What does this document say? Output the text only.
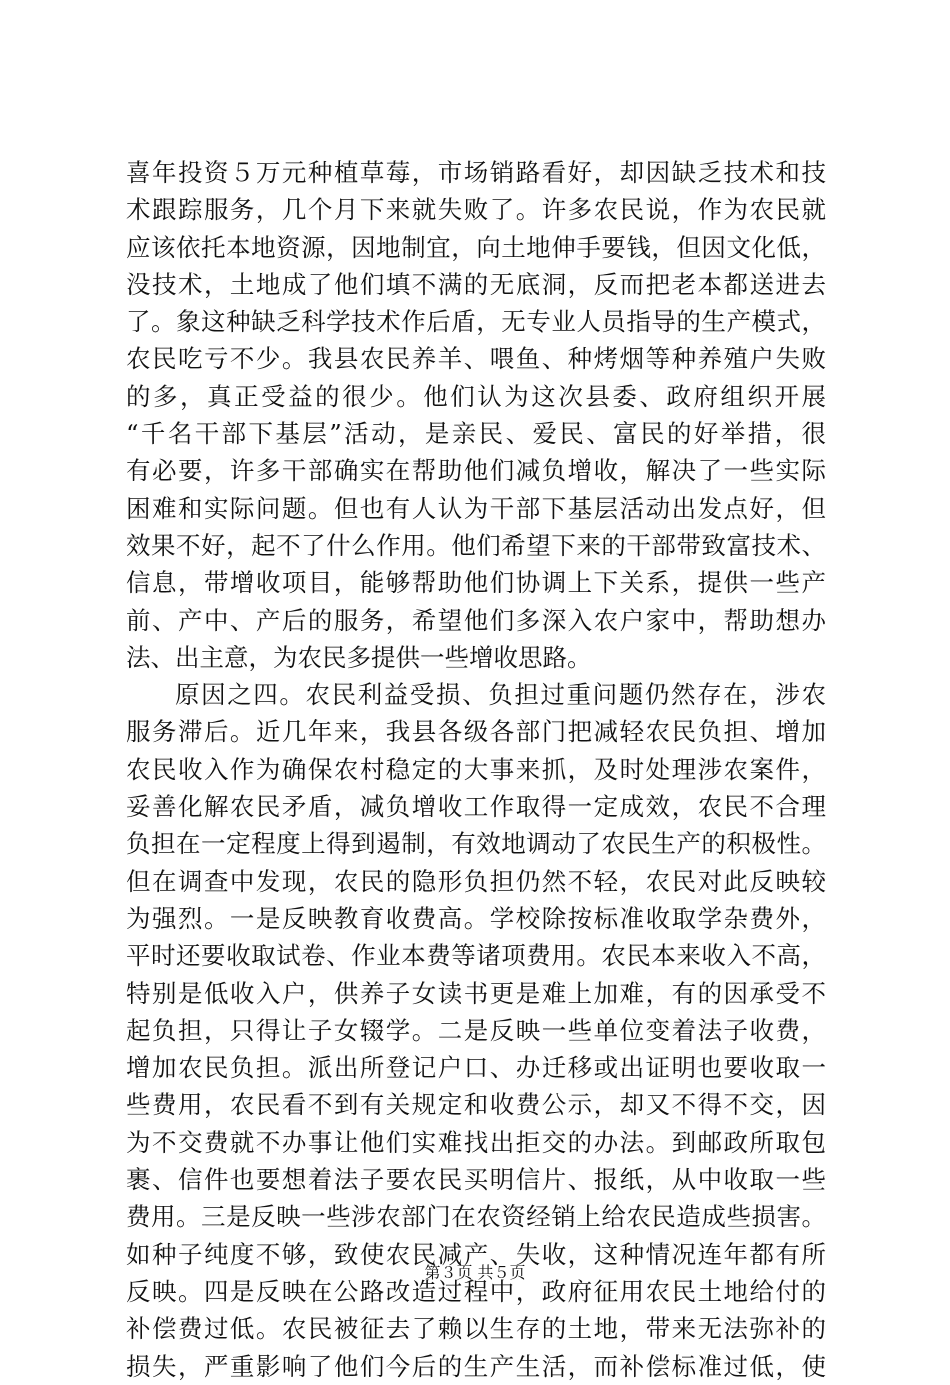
喜年投资５万元种植草莓，市场销路看好，却因缺乏技术和技
术跟踪服务，几个月下来就失败了。许多农民说，作为农民就
应该依托本地资源，因地制宜，向土地伸手要钱，但因文化低，
没技术，土地成了他们填不满的无底洞，反而把老本都送进去
了。象这种缺乏科学技术作后盾，无专业人员指导的生产模式，
农民吃亏不少。我县农民养羊、喂鱼、种烤烟等种养殖户失败
的多，真正受益的很少。他们认为这次县委、政府组织开展
“千名干部下基层”活动，是亲民、爱民、富民的好举措，很
有必要，许多干部确实在帮助他们减负增收，解决了一些实际
困难和实际问题。但也有人认为干部下基层活动出发点好，但
效果不好，起不了什么作用。他们希望下来的干部带致富技术、
信息，带增收项目，能够帮助他们协调上下关系，提供一些产
前、产中、产后的服务，希望他们多深入农户家中，帮助想办
法、出主意，为农民多提供一些增收思路。
原因之四。农民利益受损、负担过重问题仍然存在，涉农
服务滞后。近几年来，我县各级各部门把减轻农民负担、增加
农民收入作为确保农村稳定的大事来抓，及时处理涉农案件，
妥善化解农民矛盾，减负增收工作取得一定成效，农民不合理
负担在一定程度上得到遏制，有效地调动了农民生产的积极性。
但在调查中发现，农民的隐形负担仍然不轻，农民对此反映较
为强烈。一是反映教育收费高。学校除按标准收取学杂费外，
平时还要收取试卷、作业本费等诸项费用。农民本来收入不高，
特别是低收入户，供养子女读书更是难上加难，有的因承受不
起负担，只得让子女辍学。二是反映一些单位变着法子收费，
增加农民负担。派出所登记户口、办迁移或出证明也要收取一
些费用，农民看不到有关规定和收费公示，却又不得不交，因
为不交费就不办事让他们实难找出拒交的办法。到邮政所取包
裹、信件也要想着法子要农民买明信片、报纸，从中收取一些
费用。三是反映一些涉农部门在农资经销上给农民造成些损害。
如种子纯度不够，致使农民减产、失收，这种情况连年都有所
反映。四是反映在公路改造过程中，政府征用农民土地给付的
补偿费过低。农民被征去了赖以生存的土地，带来无法弥补的
损失，严重影响了他们今后的生产生活，而补偿标准过低，使
第３页 共５页
